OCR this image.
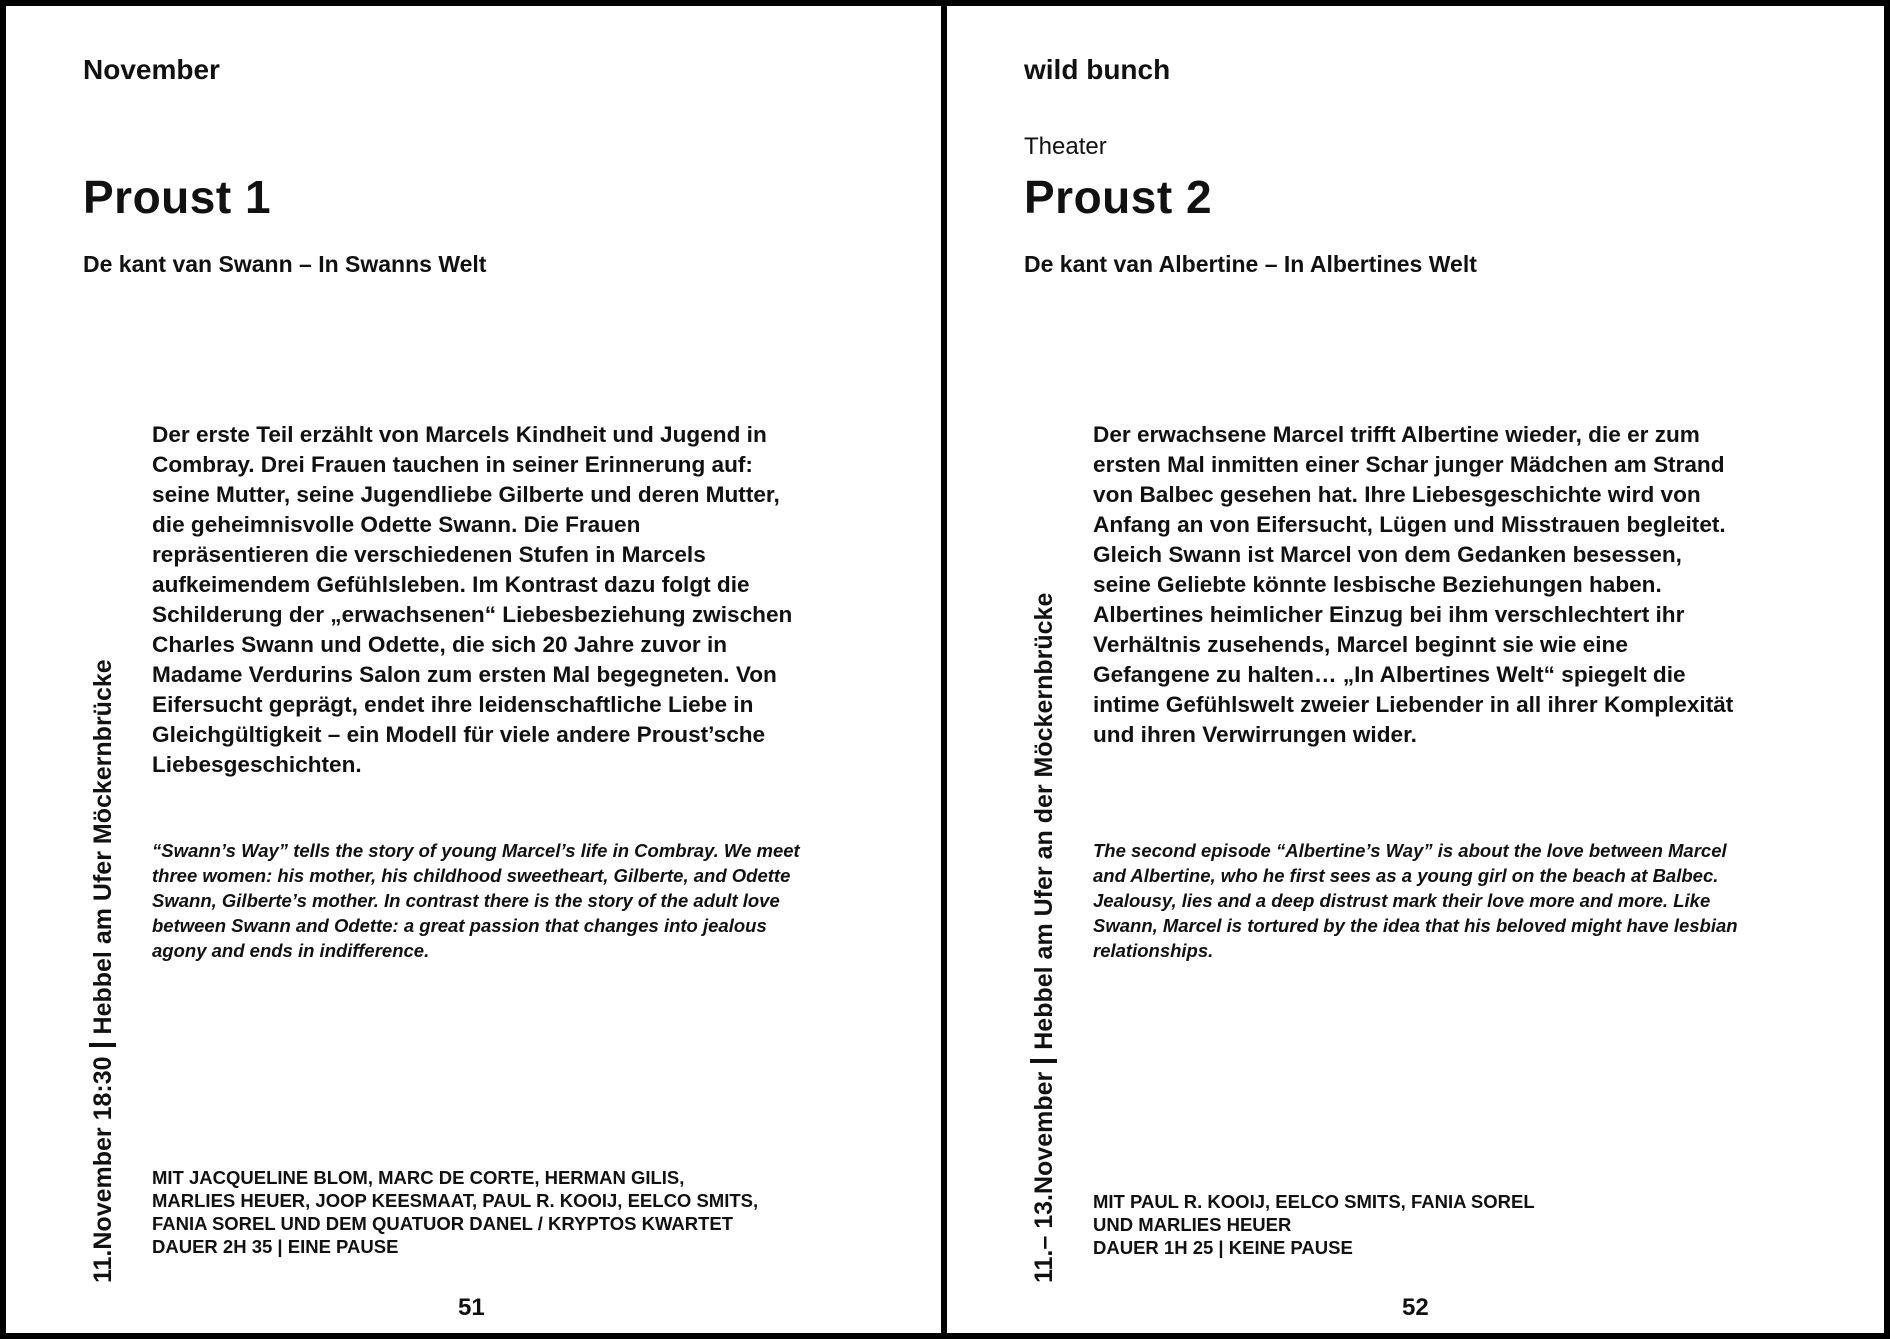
November
Proust 1
De kant van Swann – In Swanns Welt

Der erste Teil erzählt von Marcels Kindheit und Jugend in Combray. Drei Frauen tauchen in seiner Erinnerung auf: seine Mutter, seine Jugendliebe Gilberte und deren Mutter, die geheimnisvolle Odette Swann. Die Frauen repräsentieren die verschiedenen Stufen in Marcels aufkeimendem Gefühlsleben. Im Kontrast dazu folgt die Schilderung der „erwachsenen“ Liebesbeziehung zwischen Charles Swann und Odette, die sich 20 Jahre zuvor in Madame Verdurins Salon zum ersten Mal begegneten. Von Eifersucht geprägt, endet ihre leidenschaftliche Liebe in Gleichgültigkeit – ein Modell für viele andere Proust’sche Liebesgeschichten.

“Swann’s Way” tells the story of young Marcel’s life in Combray. We meet three women: his mother, his childhood sweetheart, Gilberte, and Odette Swann, Gilberte’s mother. In contrast there is the story of the adult love between Swann and Odette: a great passion that changes into jealous agony and ends in indifference.

MIT JACQUELINE BLOM, MARC DE CORTE, HERMAN GILIS,
MARLIES HEUER, JOOP KEESMAAT, PAUL R. KOOIJ, EELCO SMITS,
FANIA SOREL UND DEM QUATUOR DANEL / KRYPTOS KWARTET
DAUER 2H 35 | EINE PAUSE
51
11.November 18:30Hebbel am Ufer Möckernbrücke
wild bunch
Theater
Proust 2
De kant van Albertine – In Albertines Welt

Der erwachsene Marcel trifft Albertine wieder, die er zum ersten Mal inmitten einer Schar junger Mädchen am Strand von Balbec gesehen hat. Ihre Liebesgeschichte wird von Anfang an von Eifersucht, Lügen und Misstrauen begleitet. Gleich Swann ist Marcel von dem Gedanken besessen, seine Geliebte könnte lesbische Beziehungen haben. Albertines heimlicher Einzug bei ihm verschlechtert ihr Verhältnis zusehends, Marcel beginnt sie wie eine Gefangene zu halten… „In Albertines Welt“ spiegelt die intime Gefühlswelt zweier Liebender in all ihrer Komplexität und ihren Verwirrungen wider.

The second episode “Albertine’s Way” is about the love between Marcel and Albertine, who he first sees as a young girl on the beach at Balbec. Jealousy, lies and a deep distrust mark their love more and more. Like Swann, Marcel is tortured by the idea that his beloved might have lesbian relationships.

MIT PAUL R. KOOIJ, EELCO SMITS, FANIA SOREL
UND MARLIES HEUER
DAUER 1H 25 | KEINE PAUSE
52
11.– 13.NovemberHebbel am Ufer an der Möckernbrücke
